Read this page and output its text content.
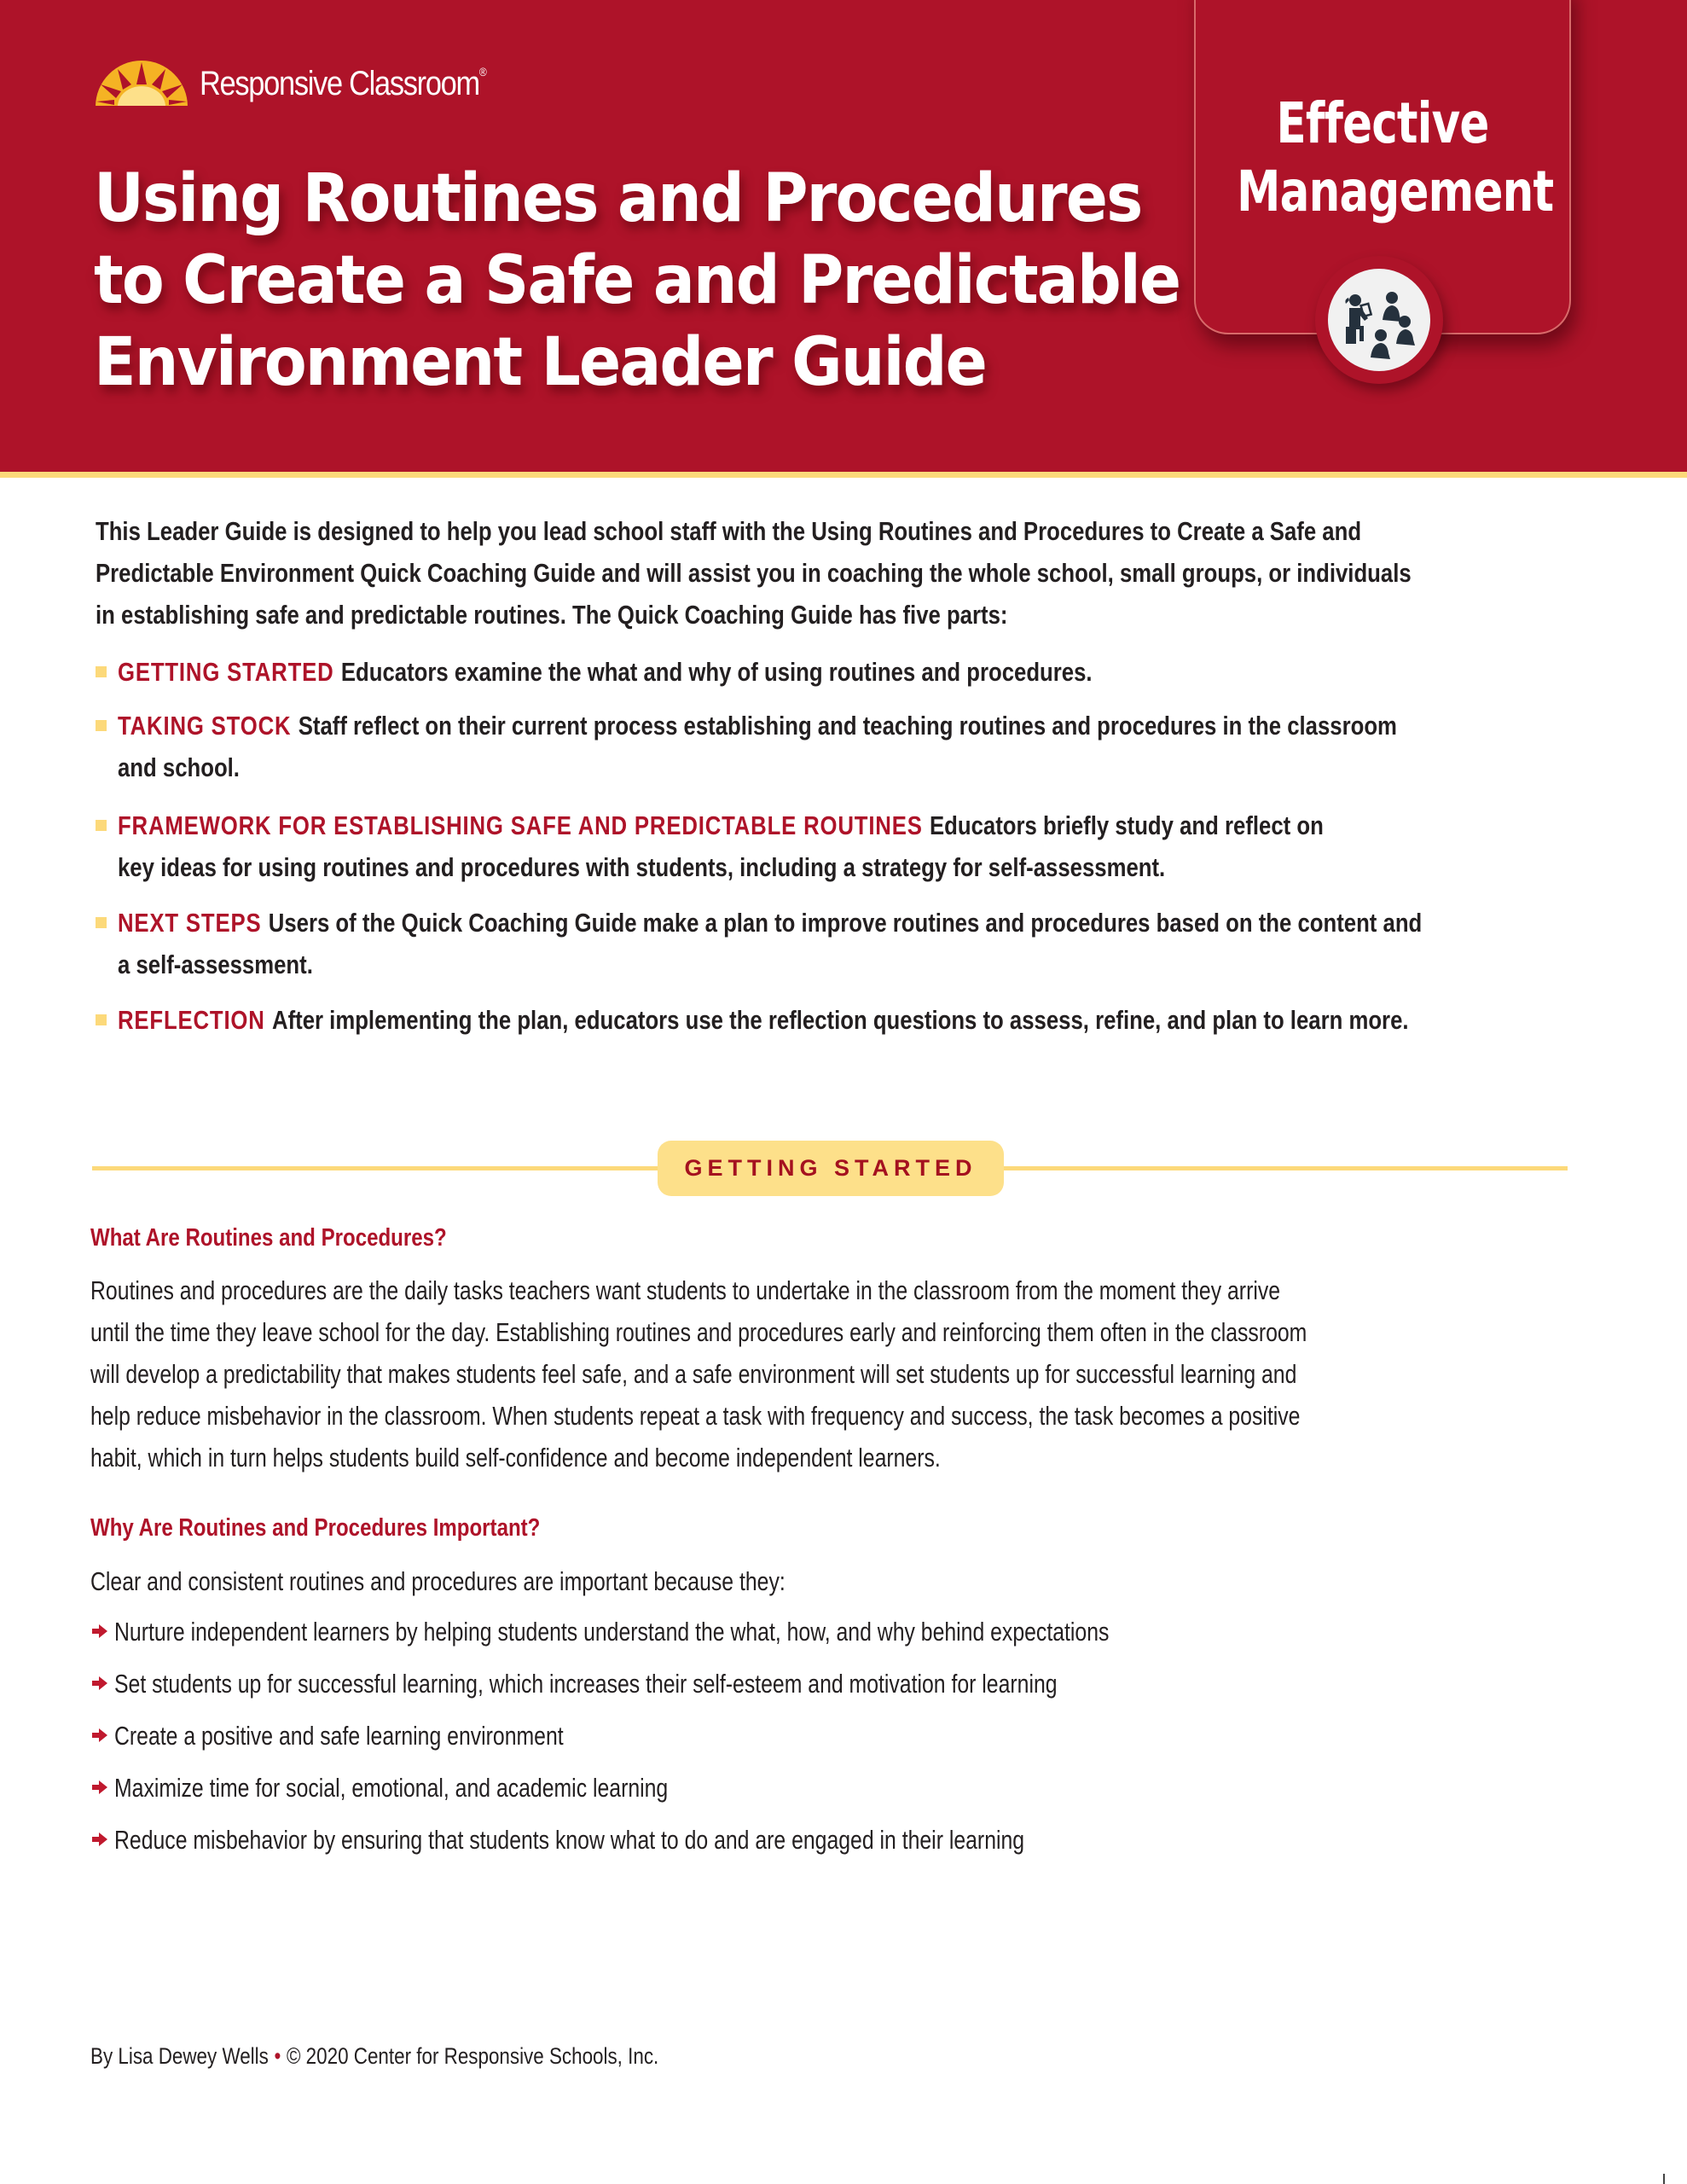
Responsive Classroom®
Using Routines and Procedures
to Create a Safe and Predictable
Environment Leader Guide
Effective
Management
This Leader Guide is designed to help you lead school staff with the Using Routines and Procedures to Create a Safe and
Predictable Environment Quick Coaching Guide and will assist you in coaching the whole school, small groups, or individuals
in establishing safe and predictable routines. The Quick Coaching Guide has five parts:
GETTING STARTED Educators examine the what and why of using routines and procedures.
TAKING STOCK Staff reflect on their current process establishing and teaching routines and procedures in the classroom
and school.
FRAMEWORK FOR ESTABLISHING SAFE AND PREDICTABLE ROUTINES Educators briefly study and reflect on
key ideas for using routines and procedures with students, including a strategy for self-assessment.
NEXT STEPS Users of the Quick Coaching Guide make a plan to improve routines and procedures based on the content and
a self-assessment.
REFLECTION After implementing the plan, educators use the reflection questions to assess, refine, and plan to learn more.
GETTING STARTED
What Are Routines and Procedures?
Routines and procedures are the daily tasks teachers want students to undertake in the classroom from the moment they arrive
until the time they leave school for the day. Establishing routines and procedures early and reinforcing them often in the classroom
will develop a predictability that makes students feel safe, and a safe environment will set students up for successful learning and
help reduce misbehavior in the classroom. When students repeat a task with frequency and success, the task becomes a positive
habit, which in turn helps students build self-confidence and become independent learners.
Why Are Routines and Procedures Important?
Clear and consistent routines and procedures are important because they:
Nurture independent learners by helping students understand the what, how, and why behind expectations
Set students up for successful learning, which increases their self-esteem and motivation for learning
Create a positive and safe learning environment
Maximize time for social, emotional, and academic learning
Reduce misbehavior by ensuring that students know what to do and are engaged in their learning
By Lisa Dewey Wells • © 2020 Center for Responsive Schools, Inc.
